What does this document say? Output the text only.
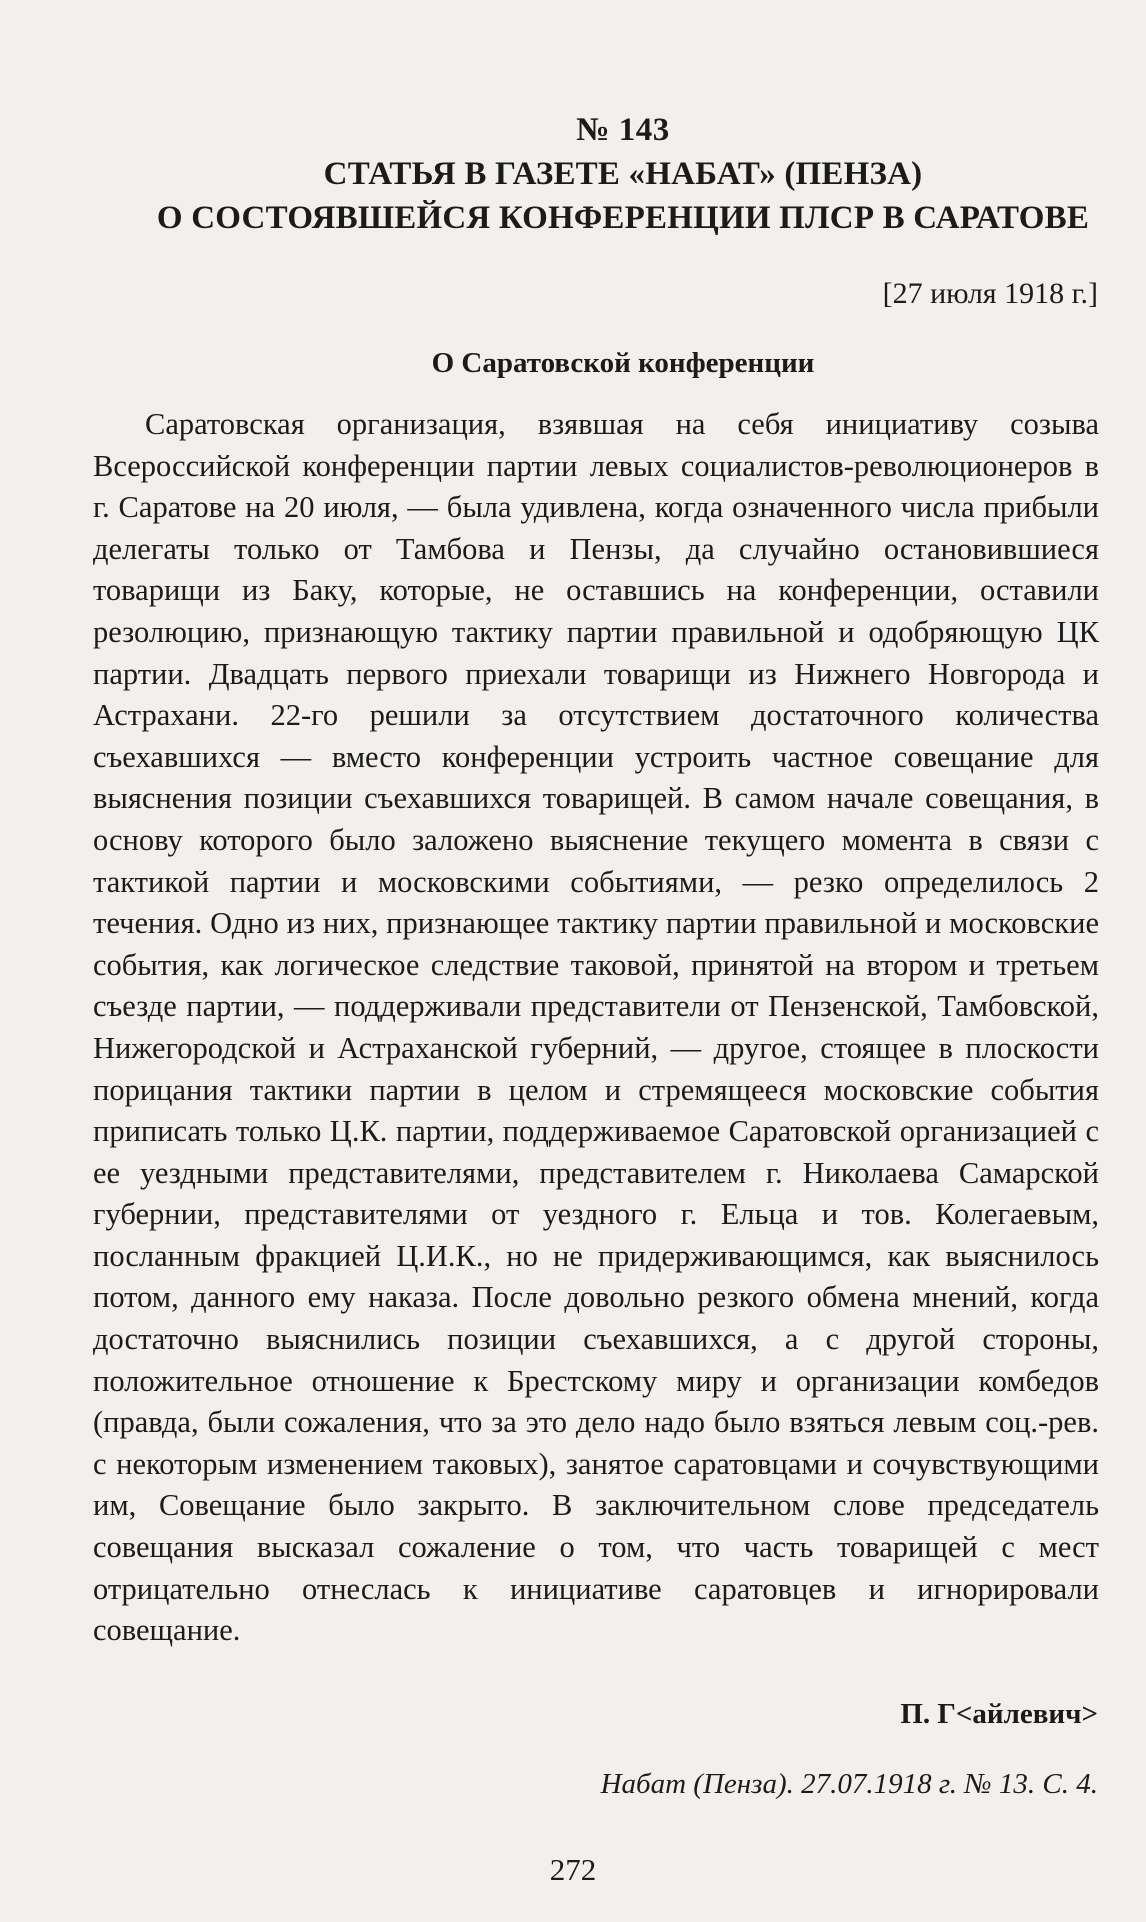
№ 143
СТАТЬЯ В ГАЗЕТЕ «НАБАТ» (ПЕНЗА)
О СОСТОЯВШЕЙСЯ КОНФЕРЕНЦИИ ПЛСР В САРАТОВЕ
[27 июля 1918 г.]
О Саратовской конференции
Саратовская организация, взявшая на себя инициативу созыва Всероссийской конференции партии левых социалистов-революционеров в г. Саратове на 20 июля, — была удивлена, когда означенного числа прибыли делегаты только от Тамбова и Пензы, да случайно остановившиеся товарищи из Баку, которые, не оставшись на конференции, оставили резолюцию, признающую тактику партии правильной и одобряющую ЦК партии. Двадцать первого приехали товарищи из Нижнего Новгорода и Астрахани. 22-го решили за отсутствием достаточного количества съехавшихся — вместо конференции устроить частное совещание для выяснения позиции съехавшихся товарищей. В самом начале совещания, в основу которого было заложено выяснение текущего момента в связи с тактикой партии и московскими событиями, — резко определилось 2 течения. Одно из них, признающее тактику партии правильной и московские события, как логическое следствие таковой, принятой на втором и третьем съезде партии, — поддерживали представители от Пензенской, Тамбовской, Нижегородской и Астраханской губерний, — другое, стоящее в плоскости порицания тактики партии в целом и стремящееся московские события приписать только Ц.К. партии, поддерживаемое Саратовской организацией с ее уездными представителями, представителем г. Николаева Самарской губернии, представителями от уездного г. Ельца и тов. Колегаевым, посланным фракцией Ц.И.К., но не придерживающимся, как выяснилось потом, данного ему наказа. После довольно резкого обмена мнений, когда достаточно выяснились позиции съехавшихся, а с другой стороны, положительное отношение к Брестскому миру и организации комбедов (правда, были сожаления, что за это дело надо было взяться левым соц.-рев. с некоторым изменением таковых), занятое саратовцами и сочувствующими им, Совещание было закрыто. В заключительном слове председатель совещания высказал сожаление о том, что часть товарищей с мест отрицательно отнеслась к инициативе саратовцев и игнорировали совещание.
П. Г<айлевич>
Набат (Пенза). 27.07.1918 г. № 13. С. 4.
272
